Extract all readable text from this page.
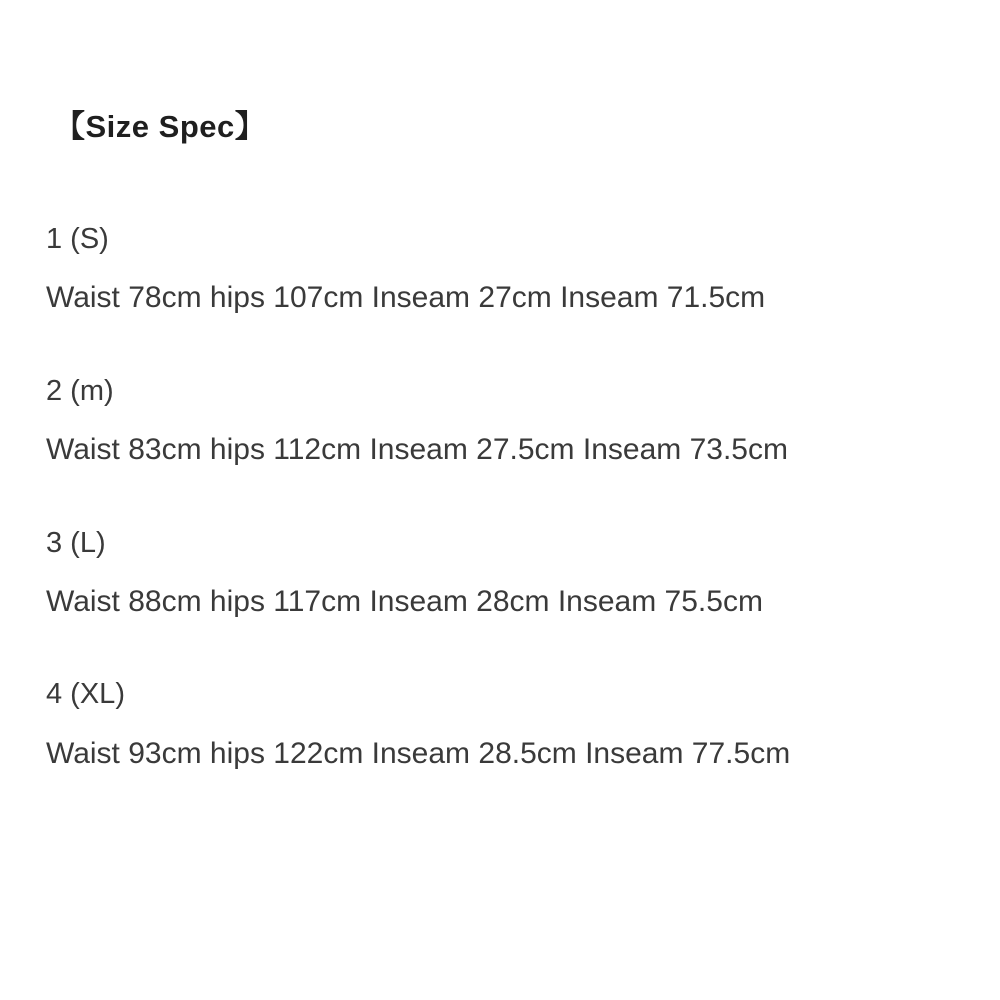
【Size Spec】
1 (S)
Waist 78cm hips 107cm Inseam 27cm Inseam 71.5cm
2 (m)
Waist 83cm hips 112cm Inseam 27.5cm Inseam 73.5cm
3 (L)
Waist 88cm hips 117cm Inseam 28cm Inseam 75.5cm
4 (XL)
Waist 93cm hips 122cm Inseam 28.5cm Inseam 77.5cm
